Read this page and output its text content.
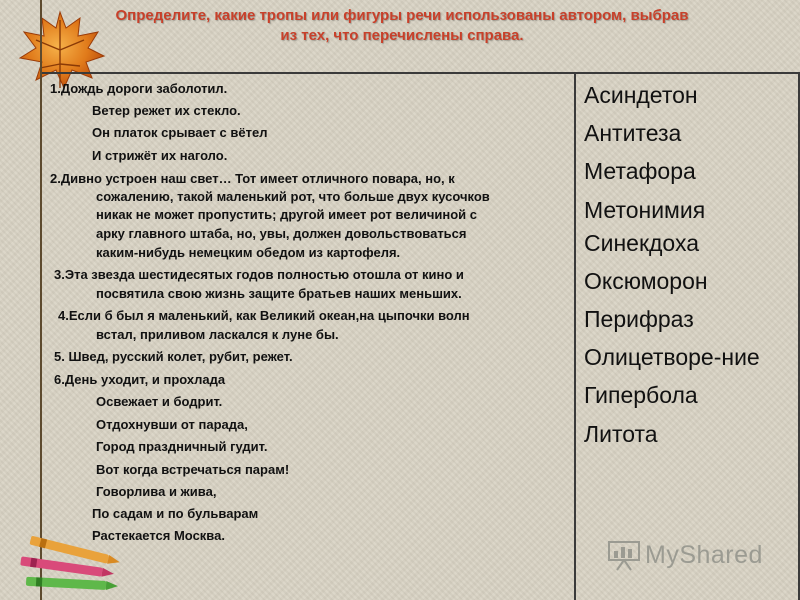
Определите, какие тропы или фигуры речи использованы автором, выбрав
из тех, что перечислены справа.
1.Дождь дороги заболотил.
Ветер режет их стекло.
Он платок срывает с вётел
И стрижёт их наголо.
2.Дивно устроен наш свет… Тот имеет отличного повара, но, к
сожалению, такой маленький рот, что больше двух кусочков
никак не может пропустить; другой имеет рот величиной с
арку главного штаба, но, увы, должен довольствоваться
каким-нибудь немецким обедом из картофеля.
3.Эта звезда шестидесятых годов полностью отошла от кино и
посвятила свою жизнь защите братьев наших меньших.
4.Если б был я маленький, как Великий океан,на цыпочки волн
встал, приливом ласкался к луне бы.
5. Швед, русский колет, рубит, режет.
6.День уходит, и прохлада
Освежает и бодрит.
Отдохнувши от парада,
Город праздничный гудит.
Вот когда встречаться парам!
Говорлива и жива,
По садам и по бульварам
Растекается Москва.
Асиндетон
Антитеза
Метафора
Метонимия
Синекдоха
Оксюморон
Перифраз
Олицетворе-ние
Гипербола
Литота
MyShared
